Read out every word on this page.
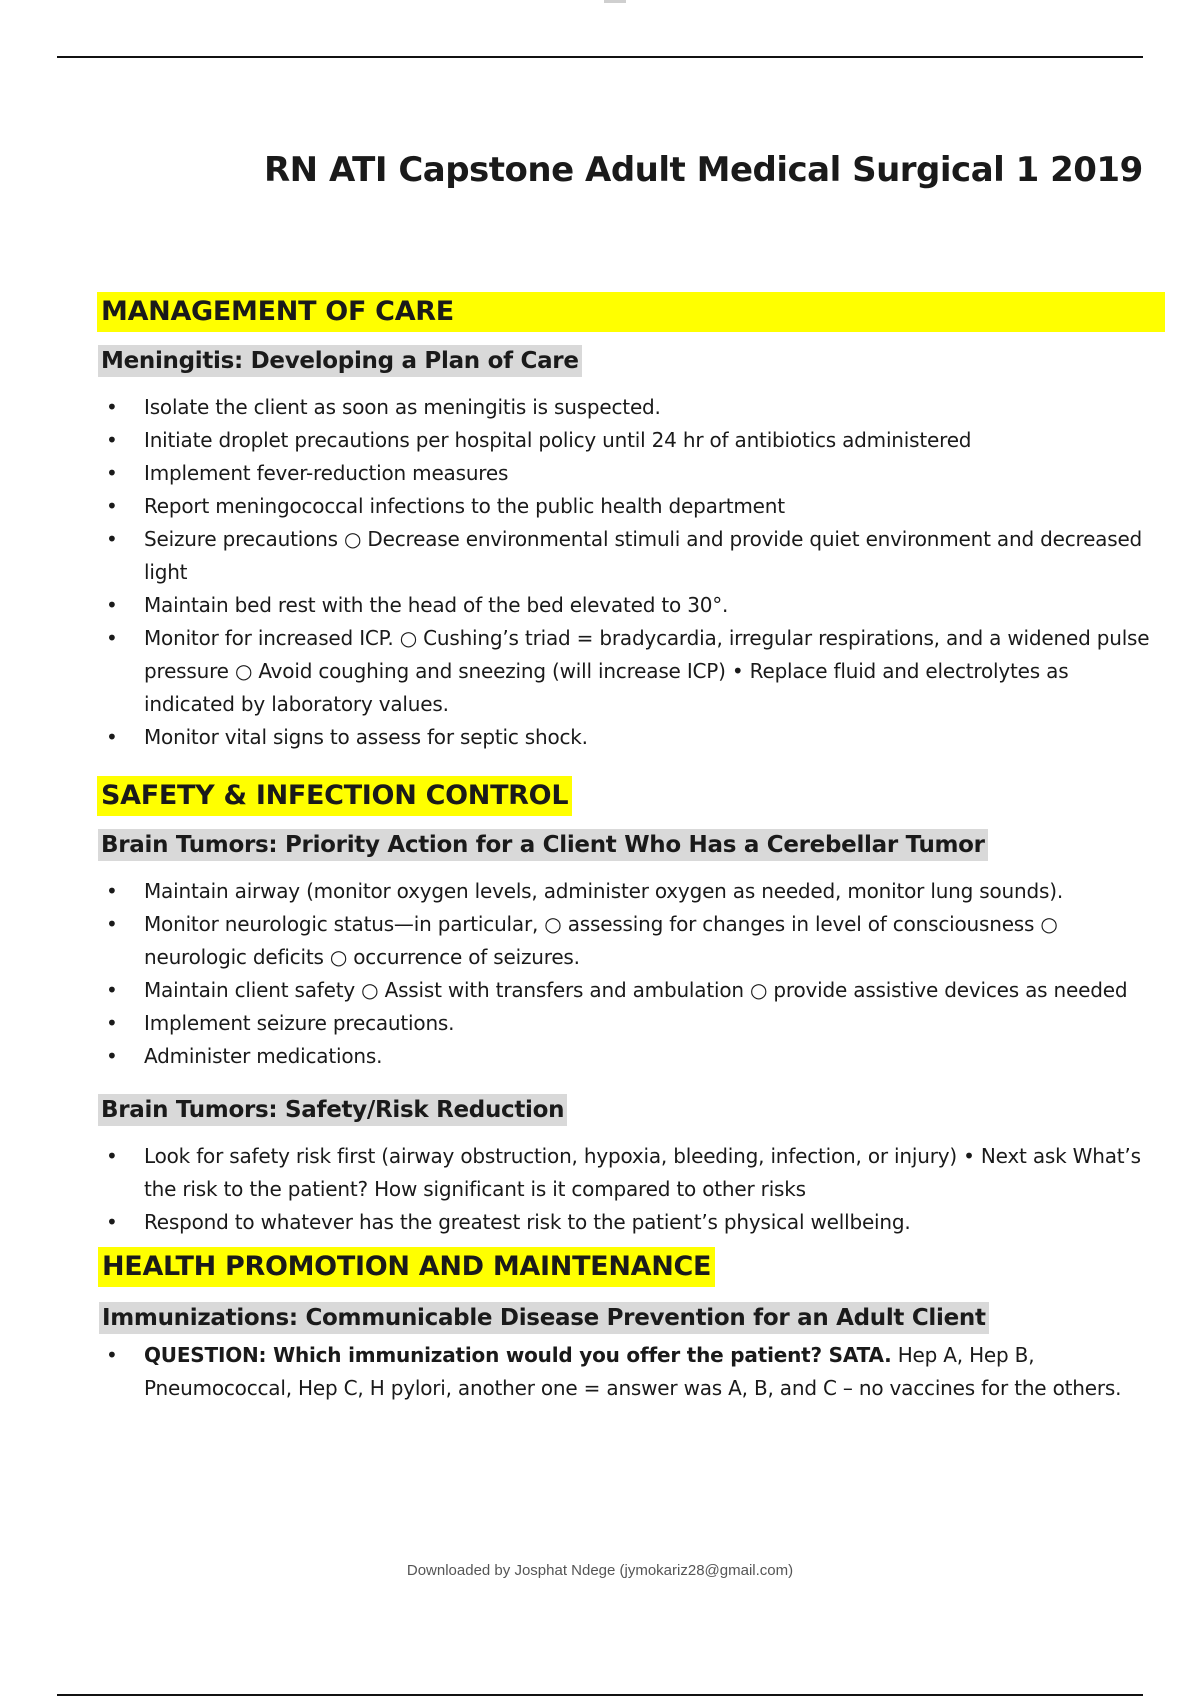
RN ATI Capstone Adult Medical Surgical 1 2019
MANAGEMENT OF CARE
Meningitis: Developing a Plan of Care
• Isolate the client as soon as meningitis is suspected.
• Initiate droplet precautions per hospital policy until 24 hr of antibiotics administered
• Implement fever-reduction measures
• Report meningococcal infections to the public health department
• Seizure precautions ○ Decrease environmental stimuli and provide quiet environment and decreased light
• Maintain bed rest with the head of the bed elevated to 30°.
• Monitor for increased ICP. ○ Cushing’s triad = bradycardia, irregular respirations, and a widened pulse pressure ○ Avoid coughing and sneezing (will increase ICP) • Replace fluid and electrolytes as indicated by laboratory values.
• Monitor vital signs to assess for septic shock.
SAFETY & INFECTION CONTROL
Brain Tumors: Priority Action for a Client Who Has a Cerebellar Tumor
• Maintain airway (monitor oxygen levels, administer oxygen as needed, monitor lung sounds).
• Monitor neurologic status—in particular, ○ assessing for changes in level of consciousness ○ neurologic deficits ○ occurrence of seizures.
• Maintain client safety ○ Assist with transfers and ambulation ○ provide assistive devices as needed
• Implement seizure precautions.
• Administer medications.
Brain Tumors: Safety/Risk Reduction
• Look for safety risk first (airway obstruction, hypoxia, bleeding, infection, or injury) • Next ask What’s the risk to the patient? How significant is it compared to other risks
• Respond to whatever has the greatest risk to the patient’s physical wellbeing.
HEALTH PROMOTION AND MAINTENANCE
Immunizations: Communicable Disease Prevention for an Adult Client
• QUESTION: Which immunization would you offer the patient? SATA. Hep A, Hep B, Pneumococcal, Hep C, H pylori, another one = answer was A, B, and C – no vaccines for the others.
Downloaded by Josphat Ndege (jymokariz28@gmail.com)
